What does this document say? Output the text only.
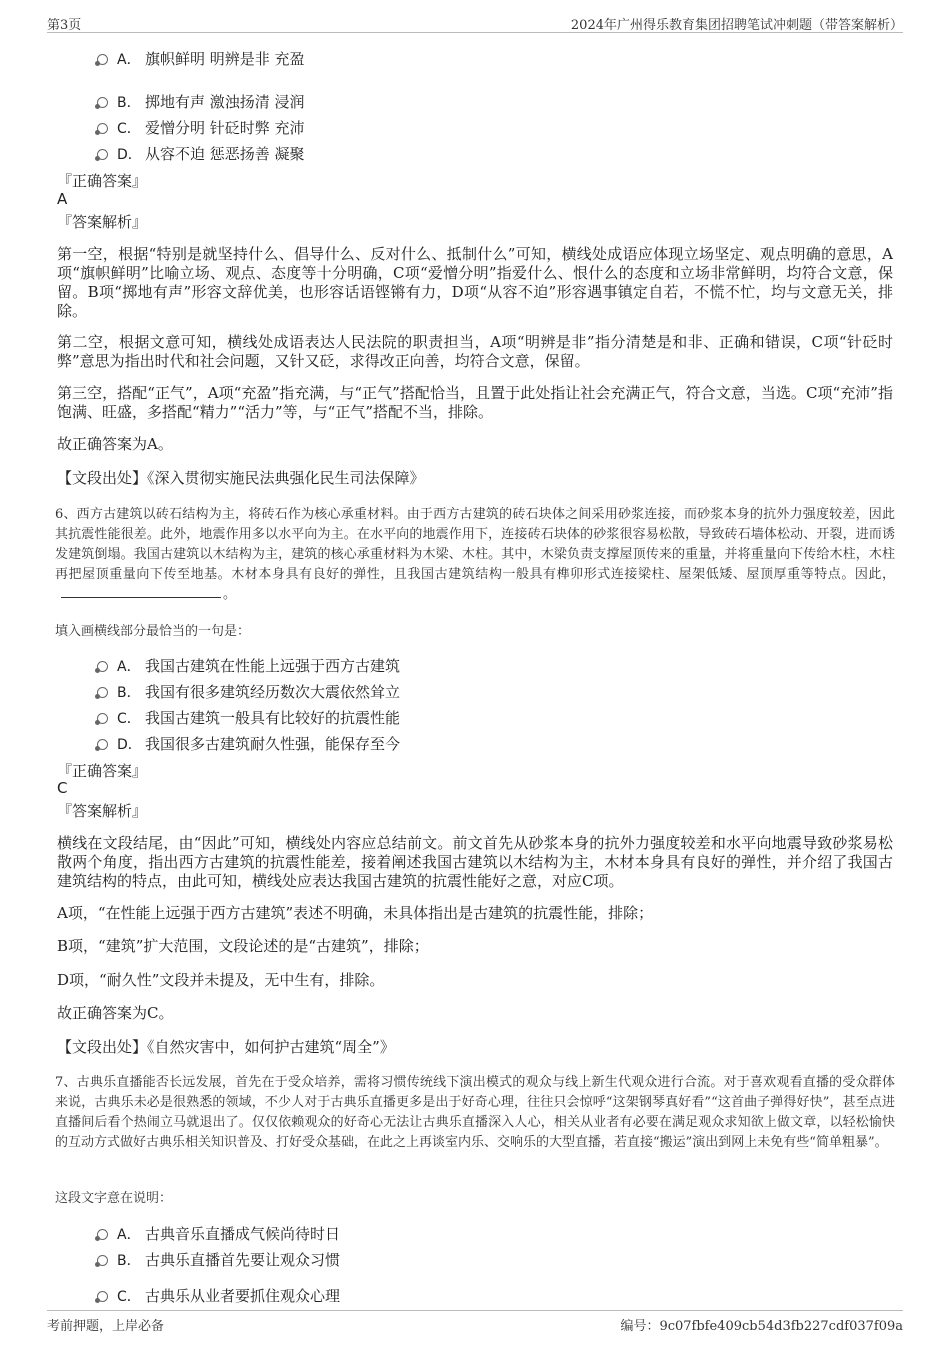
第3页	2024年广州得乐教育集团招聘笔试冲刺题（带答案解析）
A． 旗帜鲜明 明辨是非 充盈
B． 掷地有声 激浊扬清 浸润
C． 爱憎分明 针砭时弊 充沛
D． 从容不迫 惩恶扬善 凝聚
『正确答案』
A
『答案解析』
第一空，根据“特别是就坚持什么、倡导什么、反对什么、抵制什么”可知，横线处成语应体现立场坚定、观点明确的意思，A项“旗帜鲜明”比喻立场、观点、态度等十分明确，C项“爱憎分明”指爱什么、恨什么的态度和立场非常鲜明，均符合文意，保留。B项“掷地有声”形容文辞优美，也形容话语铿锵有力，D项“从容不迫”形容遇事镇定自若，不慌不忙，均与文意无关，排除。
第二空，根据文意可知，横线处成语表达人民法院的职责担当，A项“明辨是非”指分清楚是和非、正确和错误，C项“针砭时弊”意思为指出时代和社会问题，又针又砭，求得改正向善，均符合文意，保留。
第三空，搭配“正气”，A项“充盈”指充满，与“正气”搭配恰当，且置于此处指让社会充满正气，符合文意，当选。C项“充沛”指饱满、旺盛，多搭配“精力”“活力”等，与“正气”搭配不当，排除。
故正确答案为A。
【文段出处】《深入贯彻实施民法典强化民生司法保障》
6、西方古建筑以砖石结构为主，将砖石作为核心承重材料。由于西方古建筑的砖石块体之间采用砂浆连接，而砂浆本身的抗外力强度较差，因此其抗震性能很差。此外，地震作用多以水平向为主。在水平向的地震作用下，连接砖石块体的砂浆很容易松散，导致砖石墙体松动、开裂，进而诱发建筑倒塌。我国古建筑以木结构为主，建筑的核心承重材料为木梁、木柱。其中，木梁负责支撑屋顶传来的重量，并将重量向下传给木柱，木柱再把屋顶重量向下传至地基。木材本身具有良好的弹性，且我国古建筑结构一般具有榫卯形式连接梁柱、屋架低矮、屋顶厚重等特点。因此，。
填入画横线部分最恰当的一句是：
A． 我国古建筑在性能上远强于西方古建筑
B． 我国有很多建筑经历数次大震依然耸立
C． 我国古建筑一般具有比较好的抗震性能
D． 我国很多古建筑耐久性强，能保存至今
『正确答案』
C
『答案解析』
横线在文段结尾，由“因此”可知，横线处内容应总结前文。前文首先从砂浆本身的抗外力强度较差和水平向地震导致砂浆易松散两个角度，指出西方古建筑的抗震性能差，接着阐述我国古建筑以木结构为主，木材本身具有良好的弹性，并介绍了我国古建筑结构的特点，由此可知，横线处应表达我国古建筑的抗震性能好之意，对应C项。
A项，“在性能上远强于西方古建筑”表述不明确，未具体指出是古建筑的抗震性能，排除；
B项，“建筑”扩大范围，文段论述的是“古建筑”，排除；
D项，“耐久性”文段并未提及，无中生有，排除。
故正确答案为C。
【文段出处】《自然灾害中，如何护古建筑“周全”》
7、古典乐直播能否长远发展，首先在于受众培养，需将习惯传统线下演出模式的观众与线上新生代观众进行合流。对于喜欢观看直播的受众群体来说，古典乐未必是很熟悉的领域，不少人对于古典乐直播更多是出于好奇心理，往往只会惊呼“这架钢琴真好看”“这首曲子弹得好快”，甚至点进直播间后看个热闹立马就退出了。仅仅依赖观众的好奇心无法让古典乐直播深入人心，相关从业者有必要在满足观众求知欲上做文章，以轻松愉快的互动方式做好古典乐相关知识普及、打好受众基础，在此之上再谈室内乐、交响乐的大型直播，若直接“搬运”演出到网上未免有些“简单粗暴”。
这段文字意在说明：
A． 古典音乐直播成气候尚待时日
B． 古典乐直播首先要让观众习惯
C． 古典乐从业者要抓住观众心理
考前押题，上岸必备	编号：9c07fbfe409cb54d3fb227cdf037f09a
